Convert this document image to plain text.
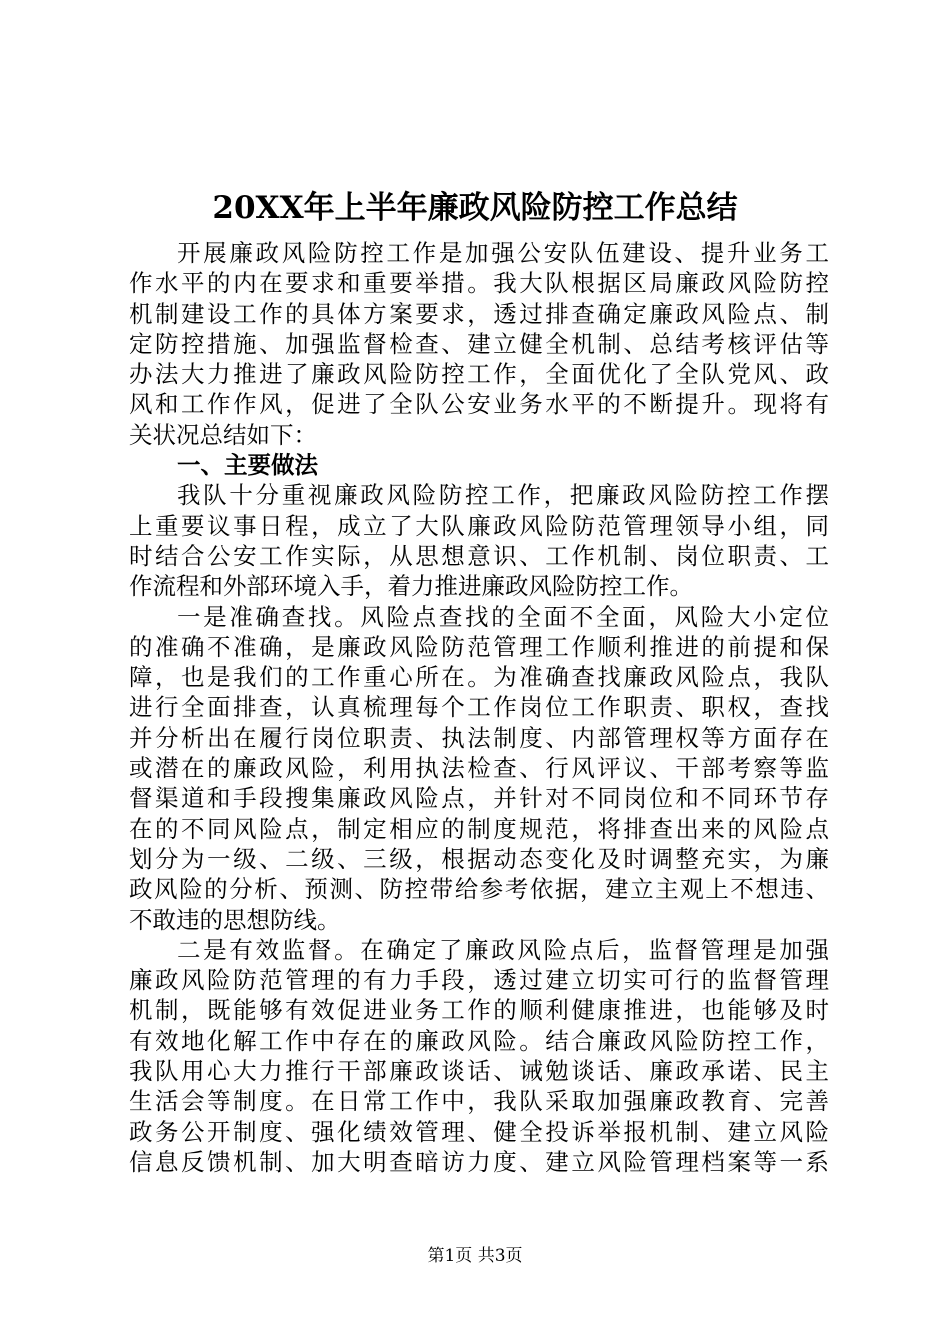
20XX年上半年廉政风险防控工作总结
开展廉政风险防控工作是加强公安队伍建设、提升业务工
作水平的内在要求和重要举措。我大队根据区局廉政风险防控
机制建设工作的具体方案要求，透过排查确定廉政风险点、制
定防控措施、加强监督检查、建立健全机制、总结考核评估等
办法大力推进了廉政风险防控工作，全面优化了全队党风、政
风和工作作风，促进了全队公安业务水平的不断提升。现将有
关状况总结如下：
一、主要做法
我队十分重视廉政风险防控工作，把廉政风险防控工作摆
上重要议事日程，成立了大队廉政风险防范管理领导小组，同
时结合公安工作实际，从思想意识、工作机制、岗位职责、工
作流程和外部环境入手，着力推进廉政风险防控工作。
一是准确查找。风险点查找的全面不全面，风险大小定位
的准确不准确，是廉政风险防范管理工作顺利推进的前提和保
障，也是我们的工作重心所在。为准确查找廉政风险点，我队
进行全面排查，认真梳理每个工作岗位工作职责、职权，查找
并分析出在履行岗位职责、执法制度、内部管理权等方面存在
或潜在的廉政风险，利用执法检查、行风评议、干部考察等监
督渠道和手段搜集廉政风险点，并针对不同岗位和不同环节存
在的不同风险点，制定相应的制度规范，将排查出来的风险点
划分为一级、二级、三级，根据动态变化及时调整充实，为廉
政风险的分析、预测、防控带给参考依据，建立主观上不想违、
不敢违的思想防线。
二是有效监督。在确定了廉政风险点后，监督管理是加强
廉政风险防范管理的有力手段，透过建立切实可行的监督管理
机制，既能够有效促进业务工作的顺利健康推进，也能够及时
有效地化解工作中存在的廉政风险。结合廉政风险防控工作，
我队用心大力推行干部廉政谈话、诫勉谈话、廉政承诺、民主
生活会等制度。在日常工作中，我队采取加强廉政教育、完善
政务公开制度、强化绩效管理、健全投诉举报机制、建立风险
信息反馈机制、加大明查暗访力度、建立风险管理档案等一系
第1页 共3页
